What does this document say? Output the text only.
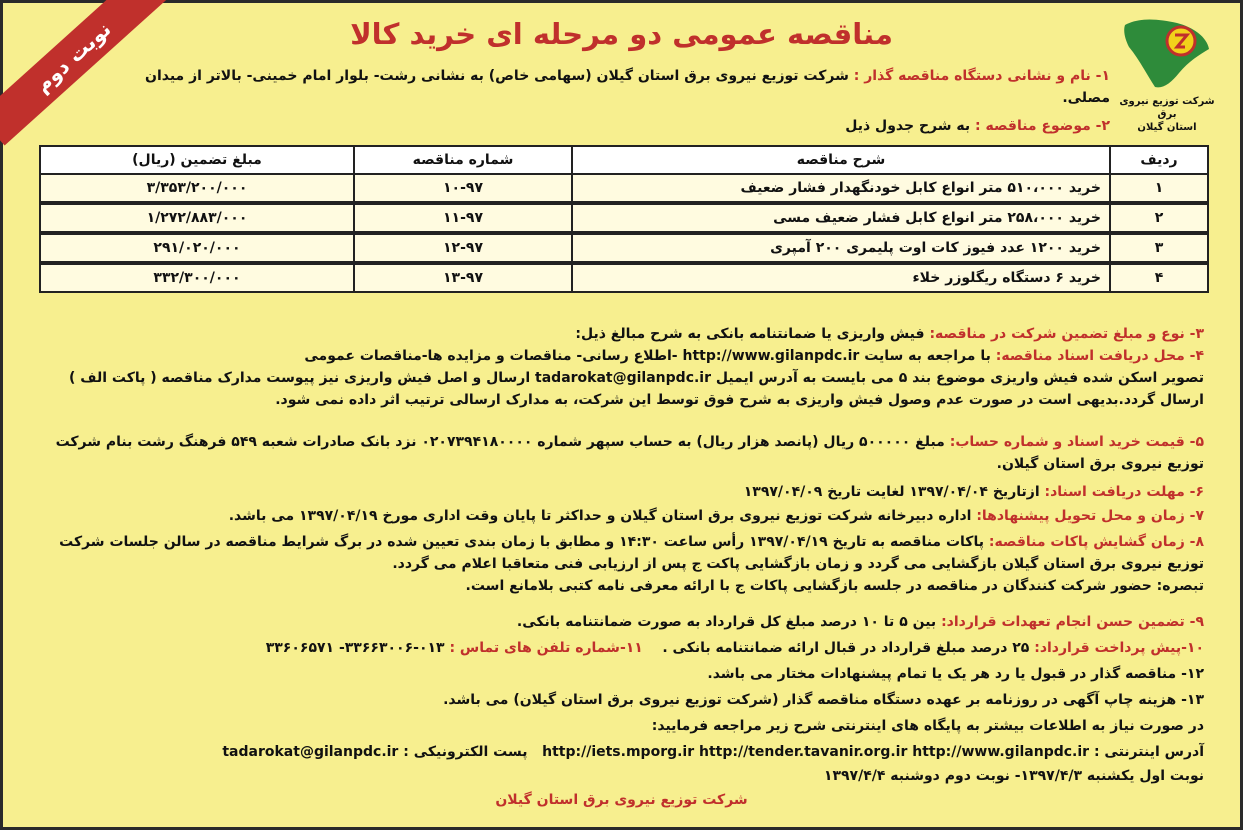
نوبت دوم
شرکت توزیع نیروی برق
استان گیلان
مناقصه عمومی دو مرحله ای خرید کالا
۱- نام و نشانی دستگاه مناقصه گذار : شرکت توزیع نیروی برق استان گیلان (سهامی خاص) به نشانی رشت- بلوار امام خمینی- بالاتر از میدان مصلی.
۲- موضوع مناقصه : به شرح جدول ذیل
ردیف	شرح مناقصه	شماره مناقصه	مبلغ تضمین (ریال)
۱	خرید ۵۱۰،۰۰۰ متر انواع کابل خودنگهدار فشار ضعیف	۱۰-۹۷	۳/۳۵۳/۲۰۰/۰۰۰
۲	خرید ۲۵۸،۰۰۰ متر انواع کابل فشار ضعیف مسی	۱۱-۹۷	۱/۲۷۲/۸۸۳/۰۰۰
۳	خرید ۱۲۰۰ عدد فیوز کات اوت پلیمری ۲۰۰ آمپری	۱۲-۹۷	۲۹۱/۰۲۰/۰۰۰
۴	خرید ۶ دستگاه ریگلوزر خلاء	۱۳-۹۷	۳۳۲/۳۰۰/۰۰۰
۳- نوع و مبلغ تضمین شرکت در مناقصه: فیش واریزی یا ضمانتنامه بانکی به شرح مبالغ ذیل:
۴- محل دریافت اسناد مناقصه: با مراجعه به سایت http://www.gilanpdc.ir -اطلاع رسانی- مناقصات و مزایده ها-مناقصات عمومی
تصویر اسکن شده فیش واریزی موضوع بند ۵ می بایست به آدرس ایمیل tadarokat@gilanpdc.ir ارسال و اصل فیش واریزی نیز پیوست مدارک مناقصه ( پاکت الف )
ارسال گردد.بدیهی است در صورت عدم وصول فیش واریزی به شرح فوق توسط این شرکت، به مدارک ارسالی ترتیب اثر داده نمی شود.
۵- قیمت خرید اسناد و شماره حساب: مبلغ ۵۰۰۰۰۰ ریال (پانصد هزار ریال) به حساب سپهر شماره ۰۲۰۷۳۹۴۱۸۰۰۰۰ نزد بانک صادرات شعبه ۵۴۹ فرهنگ رشت بنام شرکت
توزیع نیروی برق استان گیلان.
۶- مهلت دریافت اسناد: ازتاریخ ۱۳۹۷/۰۴/۰۴ لغایت تاریخ ۱۳۹۷/۰۴/۰۹
۷- زمان و محل تحویل پیشنهادها: اداره دبیرخانه شرکت توزیع نیروی برق استان گیلان و حداکثر تا پایان وقت اداری مورخ ۱۳۹۷/۰۴/۱۹ می باشد.
۸- زمان گشایش پاکات مناقصه: پاکات مناقصه به تاریخ ۱۳۹۷/۰۴/۱۹ رأس ساعت ۱۴:۳۰ و مطابق با زمان بندی تعیین شده در برگ شرایط مناقصه در سالن جلسات شرکت
توزیع نیروی برق استان گیلان بازگشایی می گردد و زمان بازگشایی پاکت ج پس از ارزیابی فنی متعاقبا اعلام می گردد.
تبصره: حضور شرکت کنندگان در مناقصه در جلسه بازگشایی پاکات ج با ارائه معرفی نامه کتبی بلامانع است.
۹- تضمین حسن انجام تعهدات قرارداد: بین ۵ تا ۱۰ درصد مبلغ کل قرارداد به صورت ضمانتنامه بانکی.
۱۰-پیش پرداخت قرارداد: ۲۵ درصد مبلغ قرارداد در قبال ارائه ضمانتنامه بانکی .    ۱۱-شماره تلفن های تماس : ۰۱۳-۳۳۶۶۳۰۰۶- ۳۳۶۰۶۵۷۱
۱۲- مناقصه گذار در قبول یا رد هر یک یا تمام پیشنهادات مختار می باشد.
۱۳- هزینه چاپ آگهی در روزنامه بر عهده دستگاه مناقصه گذار (شرکت توزیع نیروی برق استان گیلان) می باشد.
در صورت نیاز به اطلاعات بیشتر به پایگاه های اینترنتی شرح زیر مراجعه فرمایید:
آدرس اینترنتی : http://iets.mporg.ir http://tender.tavanir.org.ir http://www.gilanpdc.ir   پست الکترونیکی : tadarokat@gilanpdc.ir
نوبت اول یکشنبه ۱۳۹۷/۴/۳- نوبت دوم دوشنبه ۱۳۹۷/۴/۴
شرکت توزیع نیروی برق استان گیلان
